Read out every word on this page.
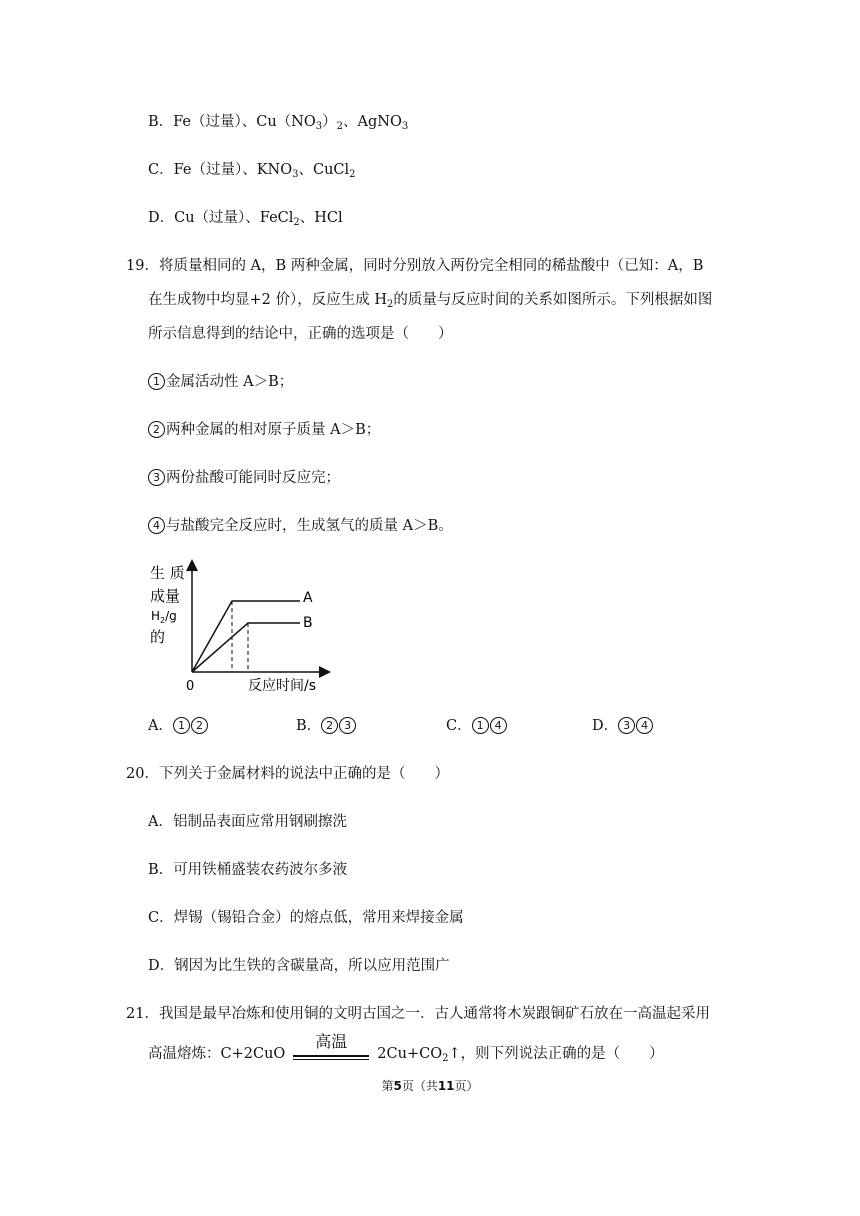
B．Fe（过量）、$Cu(NO_3)_2$、AgNO$_3$
C．Fe（过量）、$KNO_3$、CuCl$_2$
D．Cu（过量）、FeCl$_2$、HCl
19．将质量相同的 A，B 两种金属，同时分别放入两份完全相同的稀盐酸中（已知：A，B
在生成物中均显+2 价），反应生成 $H_2$的质量与反应时间的关系如图所示。下列根据如图
所示信息得到的结论中，正确的选项是（　　）
1 金属活动性 A＞B；
2 两种金属的相对原子质量 A＞B；
3 两份盐酸可能同时反应完；
4 与盐酸完全反应时，生成氢气的质量 A＞B。
生 质
成量
$H_2/g$
的
0	反应时间/s
A
B
A． 1 2	B． 2 3	C． 1 4	D． 3 4
20．下列关于金属材料的说法中正确的是（　　）
A．铝制品表面应常用钢刷擦洗
B．可用铁桶盛装农药波尔多液
C．焊锡（锡铅合金）的熔点低，常用来焊接金属
D．钢因为比生铁的含碳量高，所以应用范围广
21．我国是最早冶炼和使用铜的文明古国之一．古人通常将木炭跟铜矿石放在一高温起采用
高温熔炼：C+2CuO
高温
$2Cu+CO_2↑$，则下列说法正确的是（　　）
第5页（共11页）
